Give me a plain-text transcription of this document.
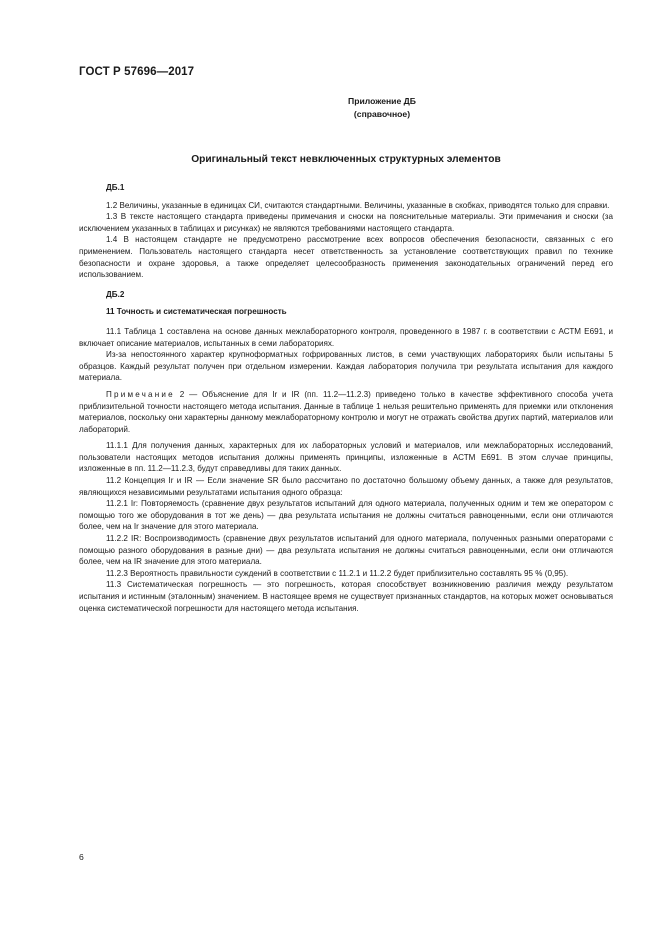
ГОСТ Р 57696—2017
Приложение ДБ
(справочное)
Оригинальный текст невключенных структурных элементов

ДБ.1

1.2 Величины, указанные в единицах СИ, считаются стандартными. Величины, указанные в скобках, приводятся только для справки.

1.3 В тексте настоящего стандарта приведены примечания и сноски на пояснительные материалы. Эти примечания и сноски (за исключением указанных в таблицах и рисунках) не являются требованиями настоящего стандарта.

1.4 В настоящем стандарте не предусмотрено рассмотрение всех вопросов обеспечения безопасности, связанных с его применением. Пользователь настоящего стандарта несет ответственность за установление соответствующих правил по технике безопасности и охране здоровья, а также определяет целесообразность применения законодательных ограничений перед его использованием.

ДБ.2

11 Точность и систематическая погрешность

11.1 Таблица 1 составлена на основе данных межлабораторного контроля, проведенного в 1987 г. в соответствии с АСТМ Е691, и включает описание материалов, испытанных в семи лабораториях.

Из-за непостоянного характер крупноформатных гофрированных листов, в семи участвующих лабораториях были испытаны 5 образцов. Каждый результат получен при отдельном измерении. Каждая лаборатория получила три результата испытания для каждого материала.

Примечание 2 — Объяснение для Ir и IR (пп. 11.2—11.2.3) приведено только в качестве эффективного способа учета приблизительной точности настоящего метода испытания. Данные в таблице 1 нельзя решительно применять для приемки или отклонения материалов, поскольку они характерны данному межлабораторному контролю и могут не отражать свойства других партий, материалов или лабораторий.

11.1.1 Для получения данных, характерных для их лабораторных условий и материалов, или межлабораторных исследований, пользователи настоящих методов испытания должны применять принципы, изложенные в АСТМ Е691. В этом случае принципы, изложенные в пп. 11.2—11.2.3, будут справедливы для таких данных.

11.2 Концепция Ir и IR — Если значение SR было рассчитано по достаточно большому объему данных, а также для результатов, являющихся независимыми результатами испытания одного образца:

11.2.1 Ir: Повторяемость (сравнение двух результатов испытаний для одного материала, полученных одним и тем же оператором с помощью того же оборудования в тот же день) — два результата испытания не должны считаться равноценными, если они отличаются более, чем на Ir значение для этого материала.

11.2.2 IR: Воспроизводимость (сравнение двух результатов испытаний для одного материала, полученных разными операторами с помощью разного оборудования в разные дни) — два результата испытания не должны считаться равноценными, если они отличаются более, чем на IR значение для этого материала.

11.2.3 Вероятность правильности суждений в соответствии с 11.2.1 и 11.2.2 будет приблизительно составлять 95 % (0,95).

11.3 Систематическая погрешность — это погрешность, которая способствует возникновению различия между результатом испытания и истинным (эталонным) значением. В настоящее время не существует признанных стандартов, на которых может основываться оценка систематической погрешности для настоящего метода испытания.

6
